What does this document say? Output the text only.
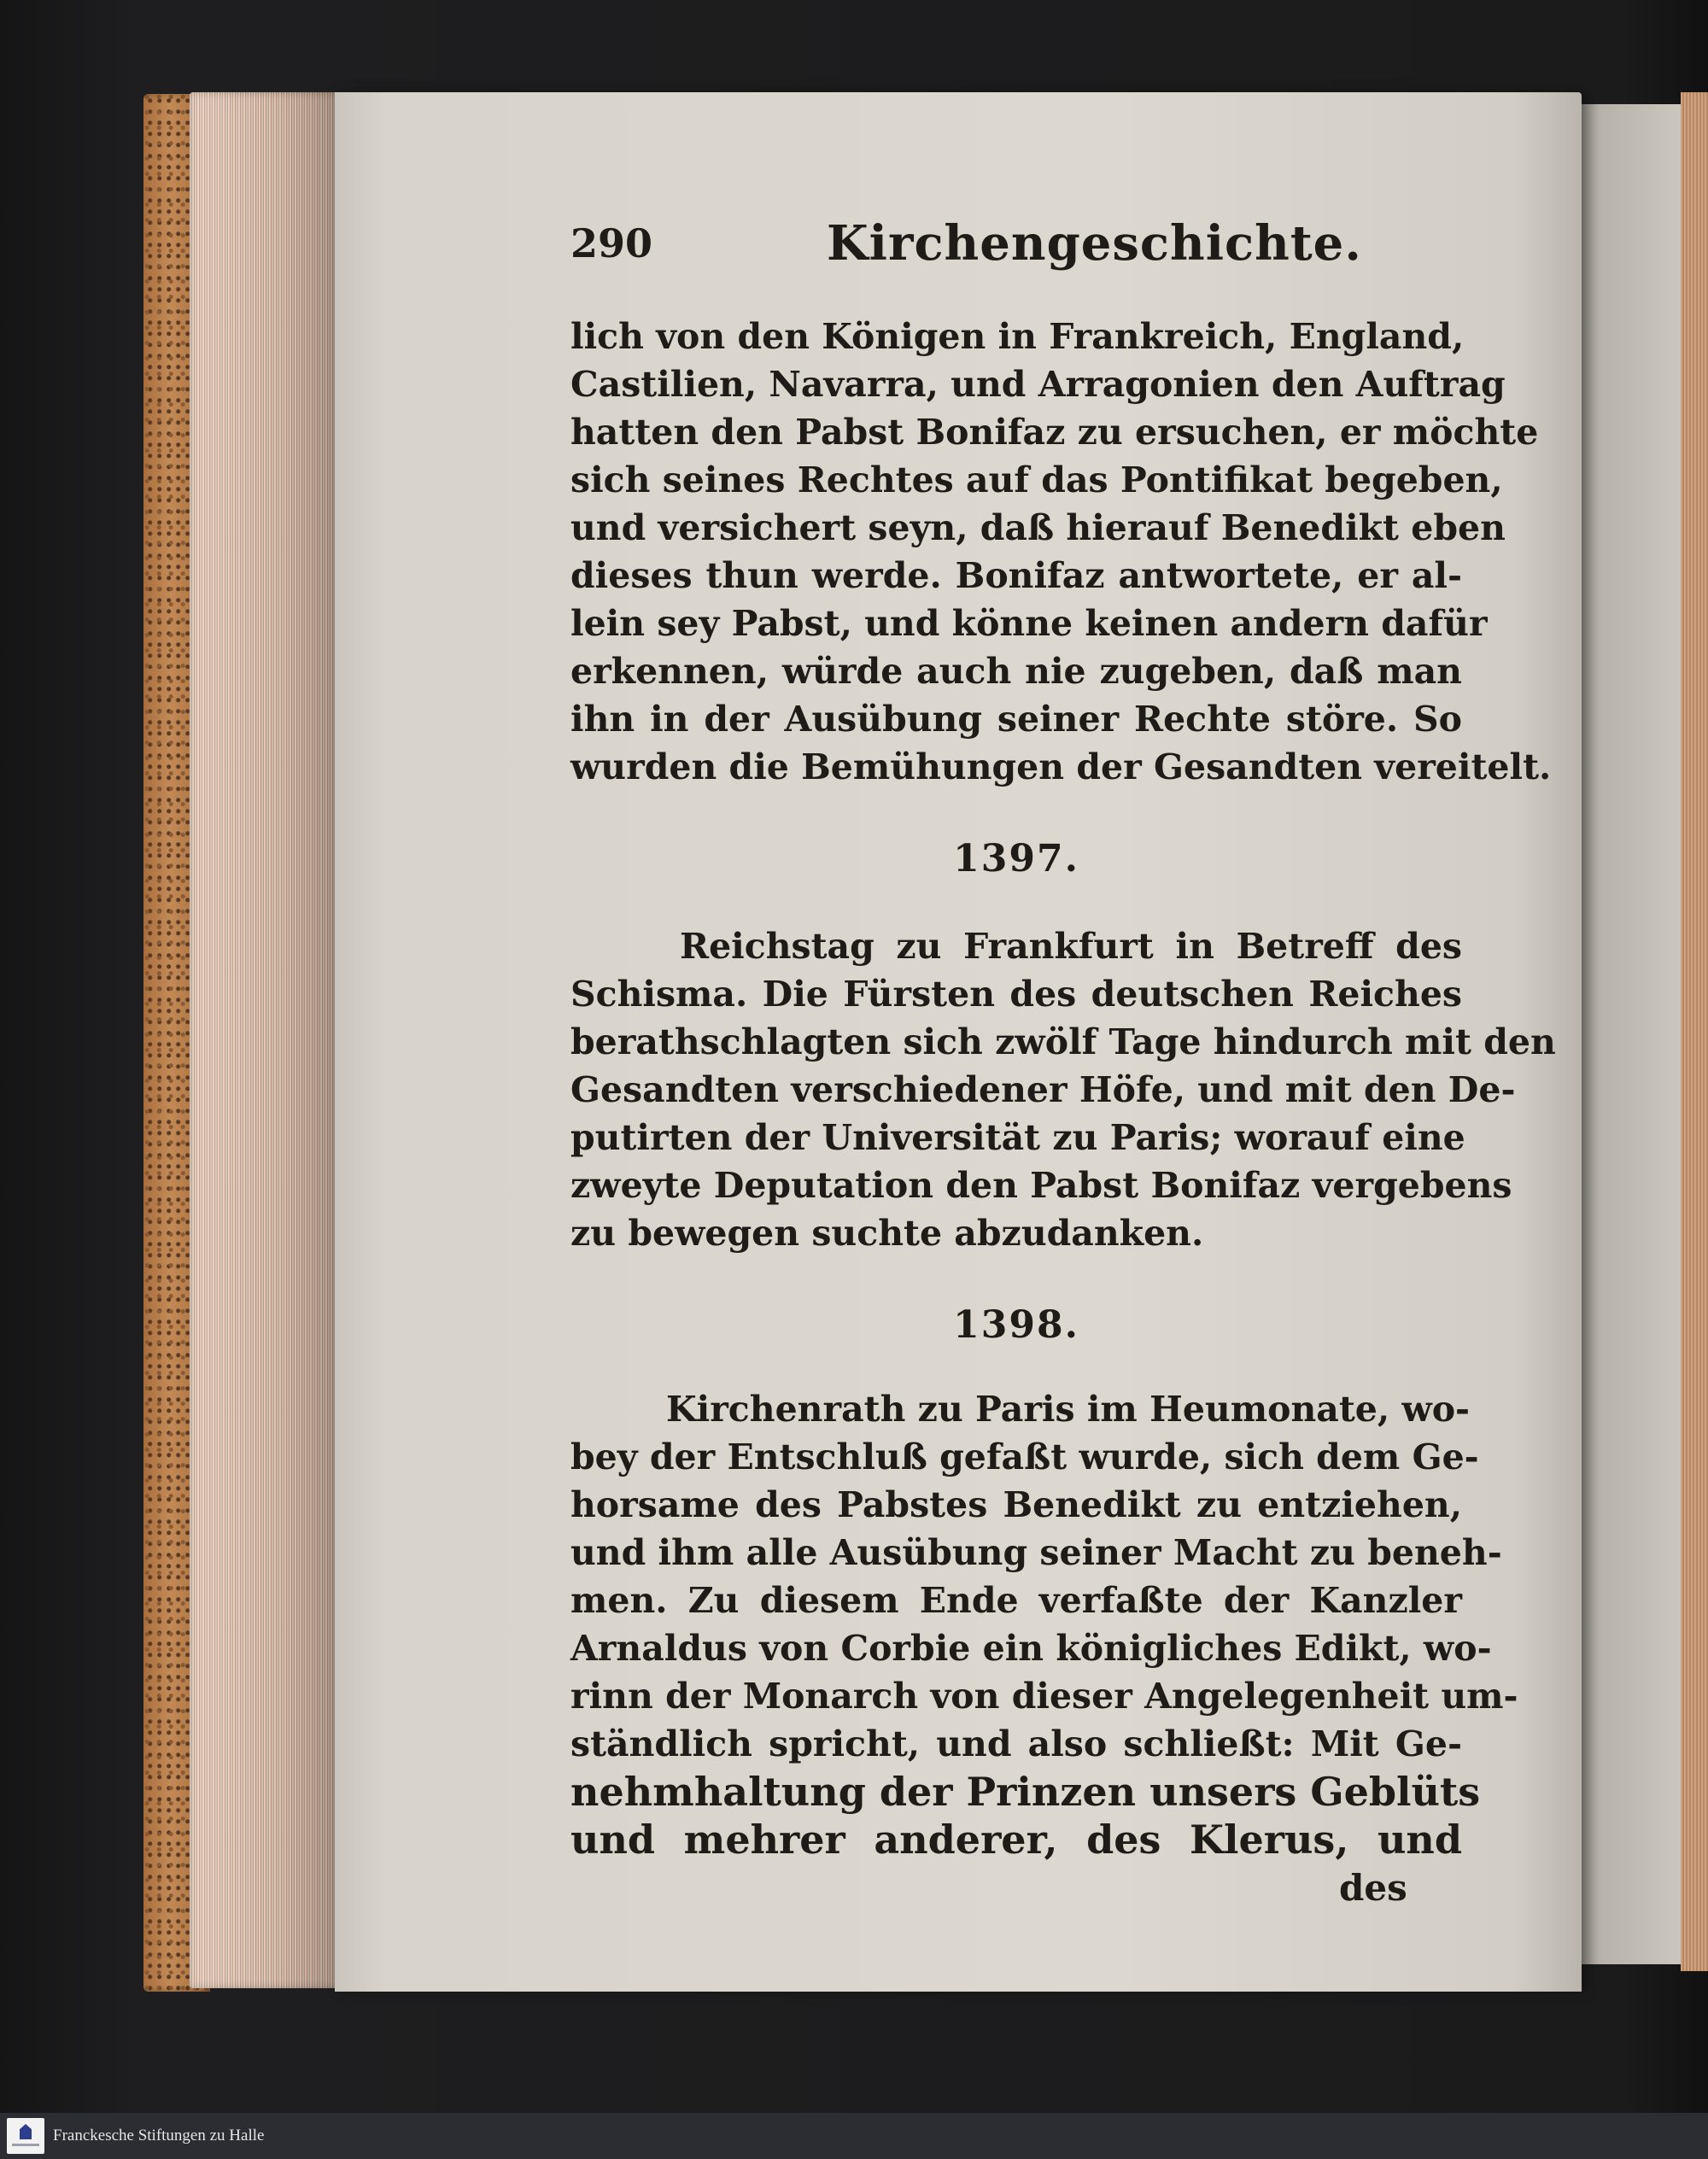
290	Kirchengeschichte.
lich von den Königen in Frankreich, England,
Castilien, Navarra, und Arragonien den Auftrag
hatten den Pabst Bonifaz zu ersuchen, er möchte
sich seines Rechtes auf das Pontifikat begeben,
und versichert seyn, daß hierauf Benedikt eben
dieses thun werde. Bonifaz antwortete, er al-
lein sey Pabst, und könne keinen andern dafür
erkennen, würde auch nie zugeben, daß man
ihn in der Ausübung seiner Rechte störe. So
wurden die Bemühungen der Gesandten vereitelt.
1397.
Reichstag zu Frankfurt in Betreff des
Schisma. Die Fürsten des deutschen Reiches
berathschlagten sich zwölf Tage hindurch mit den
Gesandten verschiedener Höfe, und mit den De-
putirten der Universität zu Paris; worauf eine
zweyte Deputation den Pabst Bonifaz vergebens
zu bewegen suchte abzudanken.
1398.
Kirchenrath zu Paris im Heumonate, wo-
bey der Entschluß gefaßt wurde, sich dem Ge-
horsame des Pabstes Benedikt zu entziehen,
und ihm alle Ausübung seiner Macht zu beneh-
men. Zu diesem Ende verfaßte der Kanzler
Arnaldus von Corbie ein königliches Edikt, wo-
rinn der Monarch von dieser Angelegenheit um-
ständlich spricht, und also schließt: Mit Ge-
nehmhaltung der Prinzen unsers Geblüts
und mehrer anderer, des Klerus, und
des
Franckesche Stiftungen zu Halle
